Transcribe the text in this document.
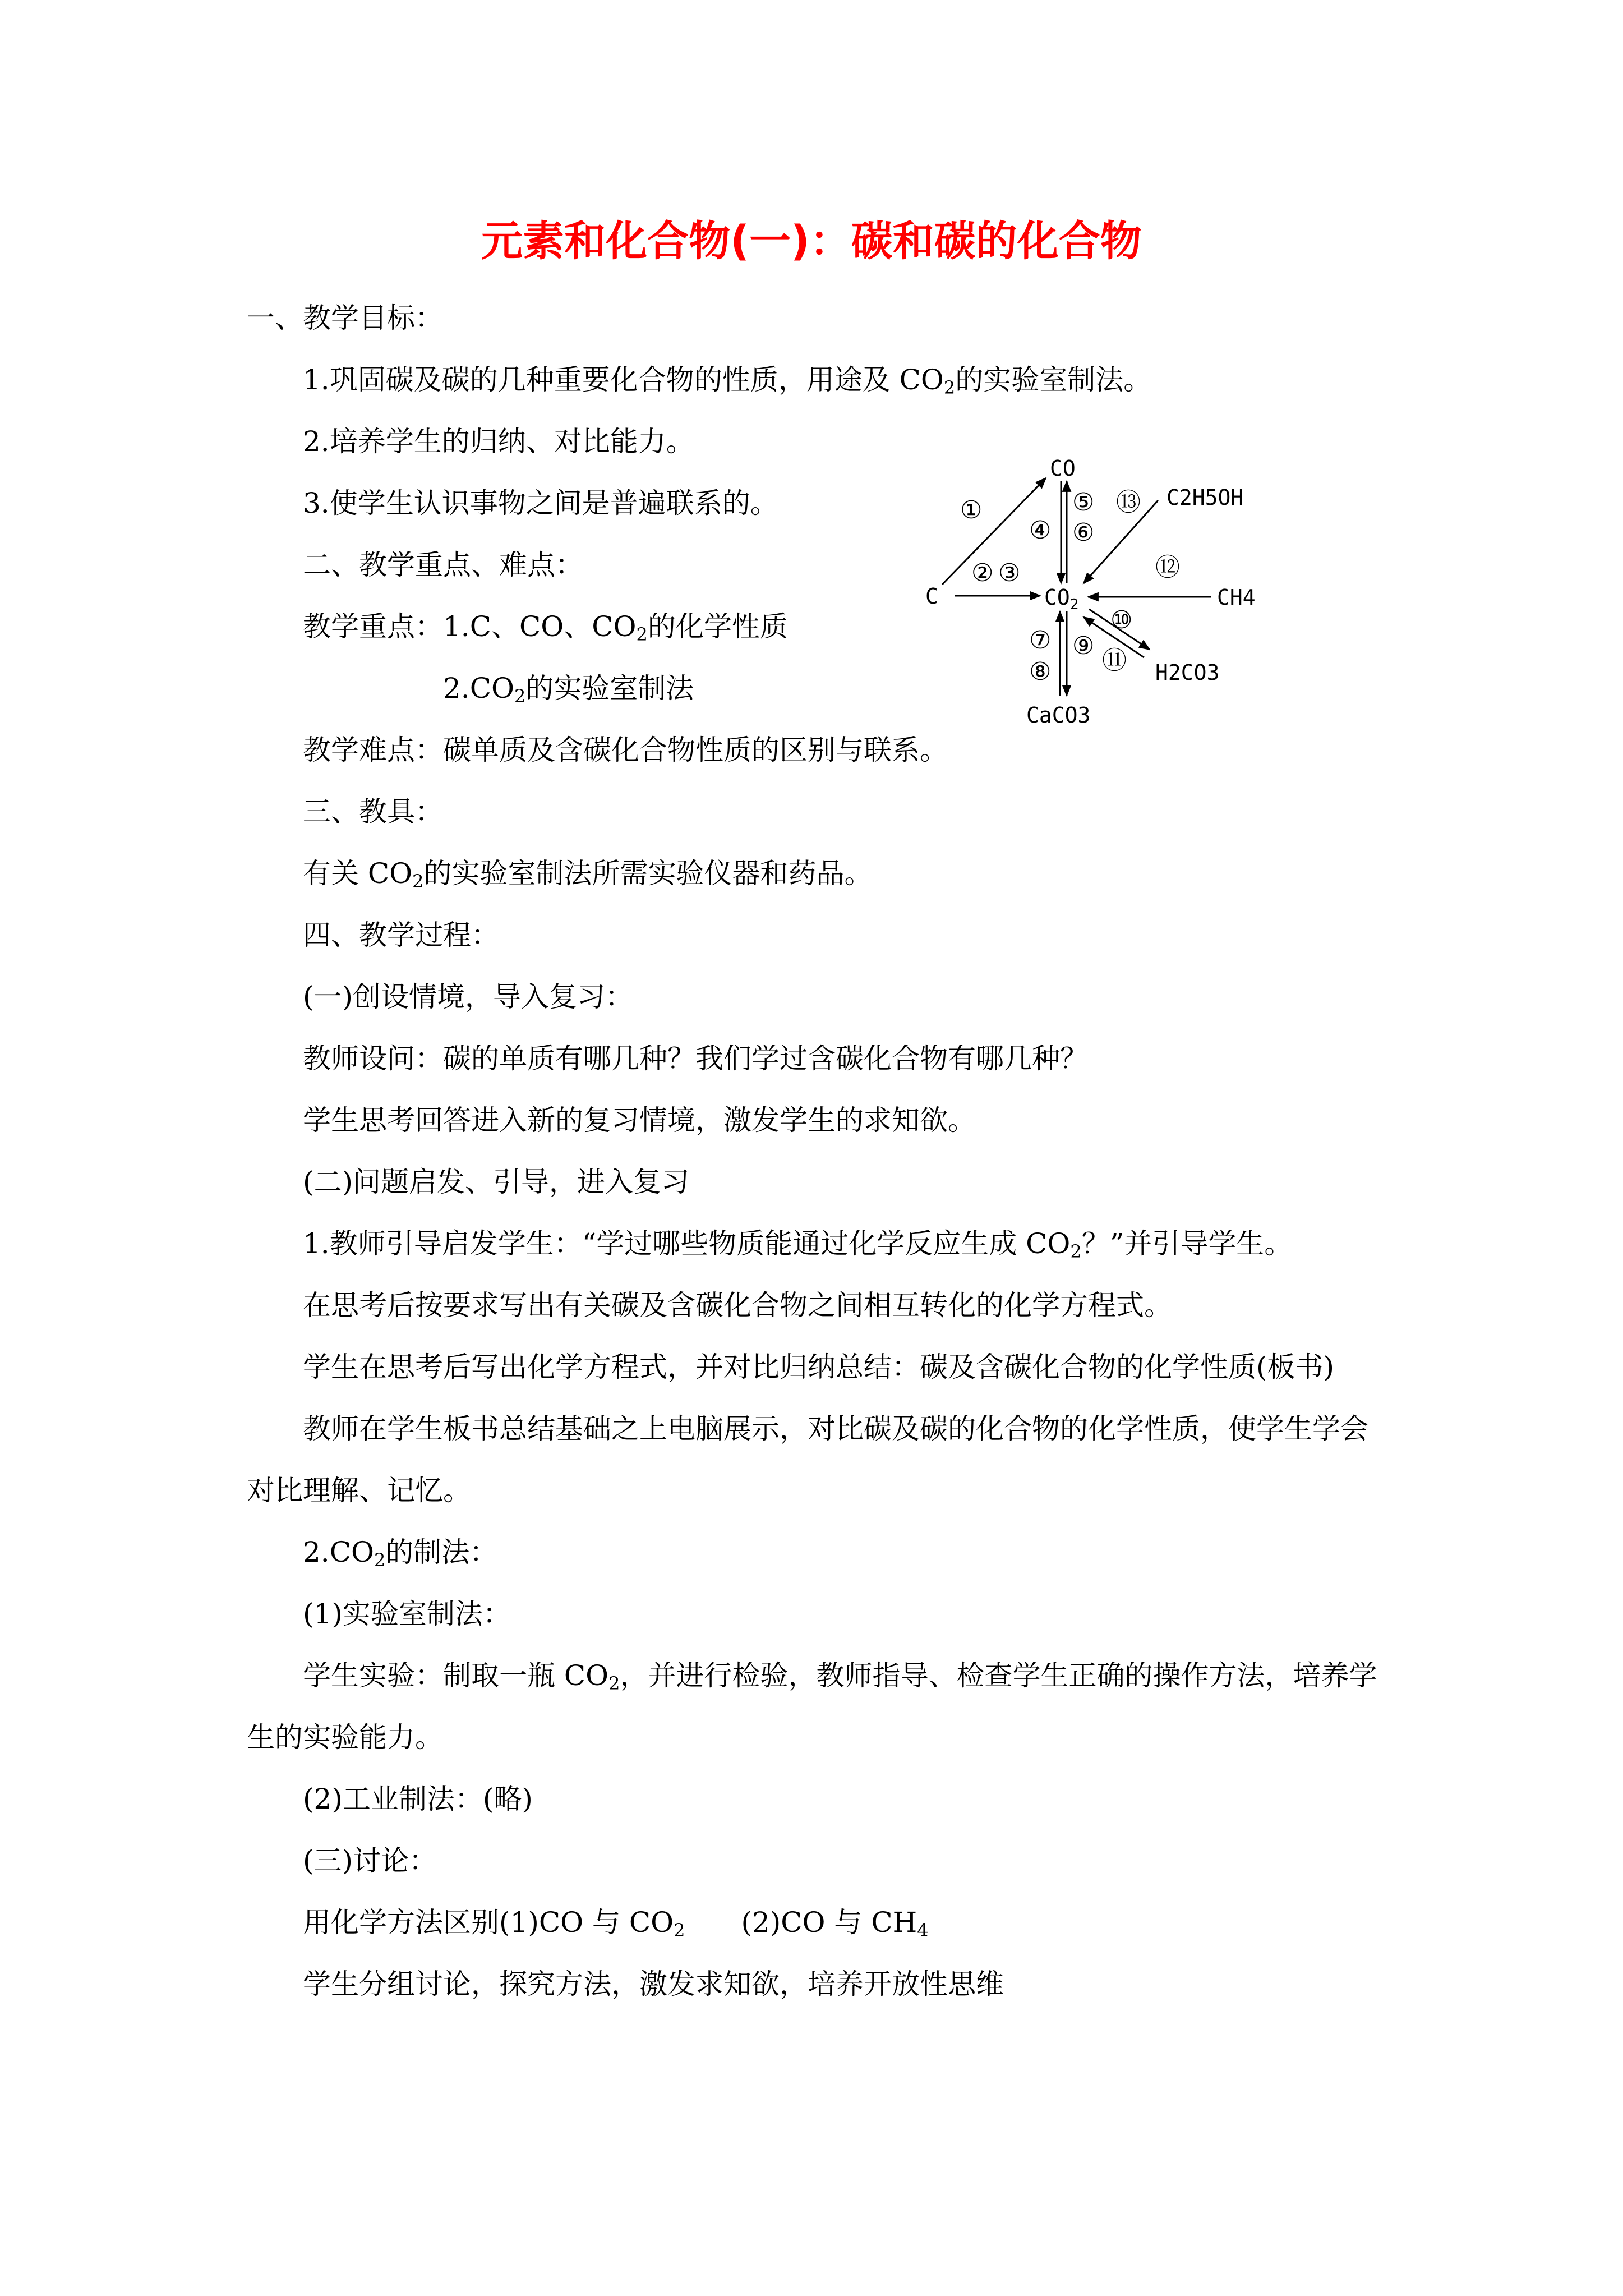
元素和化合物(一)：碳和碳的化合物
一、教学目标：
1.巩固碳及碳的几种重要化合物的性质，用途及 $CO_2$的实验室制法。
2.培养学生的归纳、对比能力。
3.使学生认识事物之间是普遍联系的。
二、教学重点、难点：
教学重点：1.C、CO、$CO_2$的化学性质
$2.CO_2$的实验室制法
教学难点：碳单质及含碳化合物性质的区别与联系。
三、教具：
有关 $CO_2$的实验室制法所需实验仪器和药品。
四、教学过程：
(一)创设情境，导入复习：
教师设问：碳的单质有哪几种？我们学过含碳化合物有哪几种？
学生思考回答进入新的复习情境，激发学生的求知欲。
(二)问题启发、引导，进入复习
1.教师引导启发学生：“学过哪些物质能通过化学反应生成 $CO_2$？”并引导学生。
在思考后按要求写出有关碳及含碳化合物之间相互转化的化学方程式。
学生在思考后写出化学方程式，并对比归纳总结：碳及含碳化合物的化学性质(板书)
教师在学生板书总结基础之上电脑展示，对比碳及碳的化合物的化学性质，使学生学会
对比理解、记忆。
$2.CO_2$的制法：
(1)实验室制法：
学生实验：制取一瓶 $CO_2$，并进行检验，教师指导、检查学生正确的操作方法，培养学
生的实验能力。
(2)工业制法：(略)
(三)讨论：
用化学方法区别(1)CO 与 $CO_2$ (2)CO 与 $CH_4$
学生分组讨论，探究方法，激发求知欲，培养开放性思维
CO
C	$CO_2$
C2H5OH
CH4
H2CO3
CaCO3
①
② ③
④
⑤
⑥
⑦
⑧
⑨
⑩
⑪
⑫
⑬
